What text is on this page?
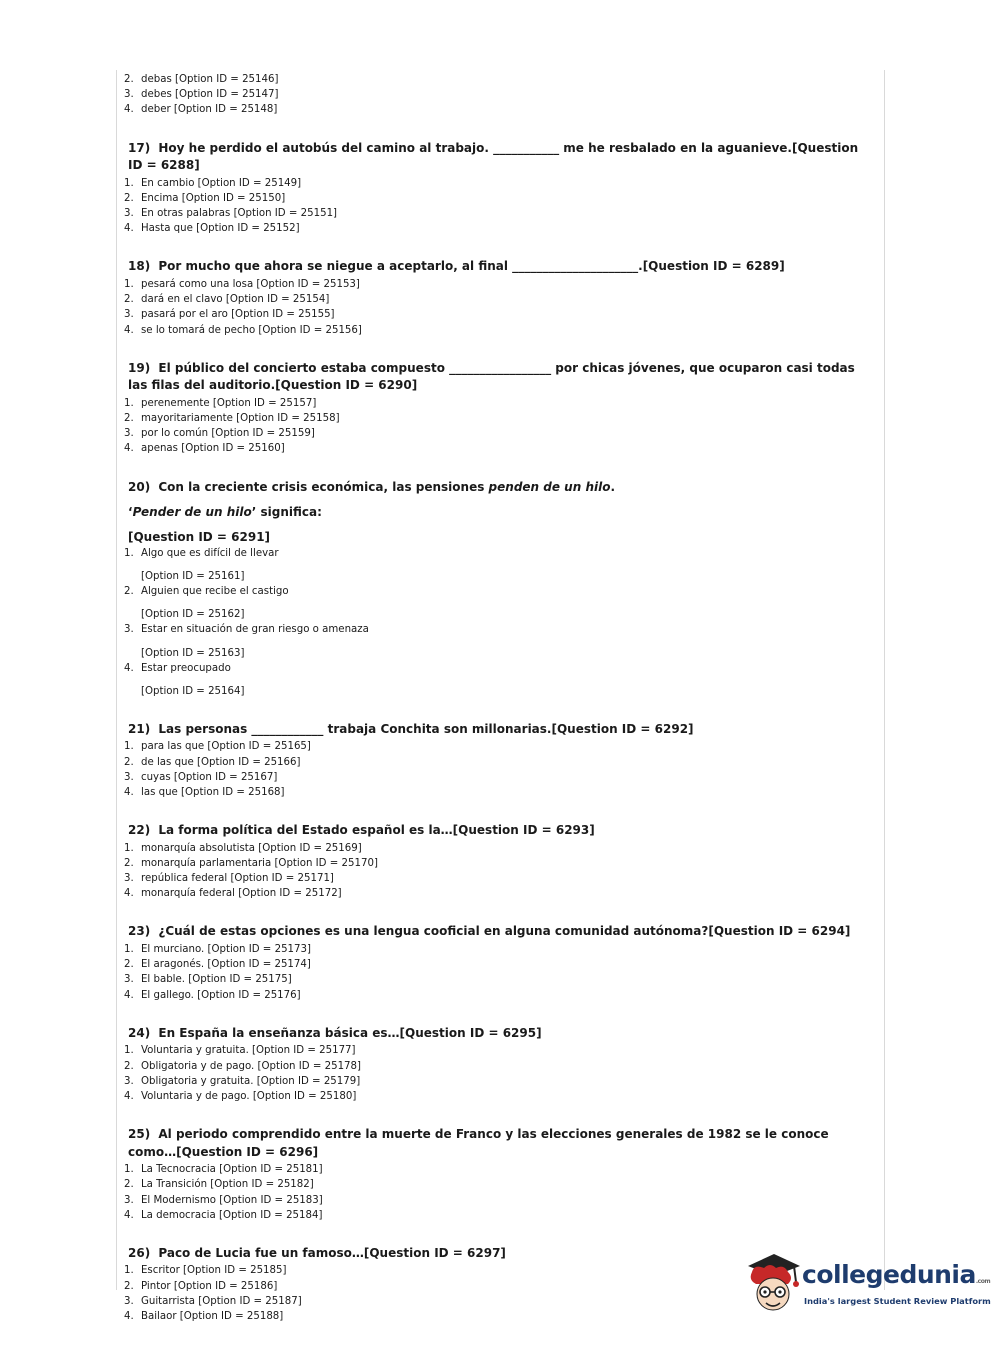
2. debas [Option ID = 25146]
3. debes [Option ID = 25147]
4. deber [Option ID = 25148]
17) Hoy he perdido el autobús del camino al trabajo. ___________ me he resbalado en la aguanieve.[Question ID = 6288]
1. En cambio [Option ID = 25149]
2. Encima [Option ID = 25150]
3. En otras palabras [Option ID = 25151]
4. Hasta que [Option ID = 25152]
18) Por mucho que ahora se niegue a aceptarlo, al final _____________________.[Question ID = 6289]
1. pesará como una losa [Option ID = 25153]
2. dará en el clavo [Option ID = 25154]
3. pasará por el aro [Option ID = 25155]
4. se lo tomará de pecho [Option ID = 25156]
19) El público del concierto estaba compuesto _________________ por chicas jóvenes, que ocuparon casi todas las filas del auditorio.[Question ID = 6290]
1. perenemente [Option ID = 25157]
2. mayoritariamente [Option ID = 25158]
3. por lo común [Option ID = 25159]
4. apenas [Option ID = 25160]
20) Con la creciente crisis económica, las pensiones penden de un hilo.
‘Pender de un hilo’ significa:
[Question ID = 6291]
1. Algo que es difícil de llevar
[Option ID = 25161]
2. Alguien que recibe el castigo
[Option ID = 25162]
3. Estar en situación de gran riesgo o amenaza
[Option ID = 25163]
4. Estar preocupado
[Option ID = 25164]
21) Las personas ____________ trabaja Conchita son millonarias.[Question ID = 6292]
1. para las que [Option ID = 25165]
2. de las que [Option ID = 25166]
3. cuyas [Option ID = 25167]
4. las que [Option ID = 25168]
22) La forma política del Estado español es la…[Question ID = 6293]
1. monarquía absolutista [Option ID = 25169]
2. monarquía parlamentaria [Option ID = 25170]
3. república federal [Option ID = 25171]
4. monarquía federal [Option ID = 25172]
23) ¿Cuál de estas opciones es una lengua cooficial en alguna comunidad autónoma?[Question ID = 6294]
1. El murciano. [Option ID = 25173]
2. El aragonés. [Option ID = 25174]
3. El bable. [Option ID = 25175]
4. El gallego. [Option ID = 25176]
24) En España la enseñanza básica es…[Question ID = 6295]
1. Voluntaria y gratuita. [Option ID = 25177]
2. Obligatoria y de pago. [Option ID = 25178]
3. Obligatoria y gratuita. [Option ID = 25179]
4. Voluntaria y de pago. [Option ID = 25180]
25) Al periodo comprendido entre la muerte de Franco y las elecciones generales de 1982 se le conoce como…[Question ID = 6296]
1. La Tecnocracia [Option ID = 25181]
2. La Transición [Option ID = 25182]
3. El Modernismo [Option ID = 25183]
4. La democracia [Option ID = 25184]
26) Paco de Lucia fue un famoso…[Question ID = 6297]
1. Escritor [Option ID = 25185]
2. Pintor [Option ID = 25186]
3. Guitarrista [Option ID = 25187]
4. Bailaor [Option ID = 25188]
collegedunia.com
India's largest Student Review Platform
